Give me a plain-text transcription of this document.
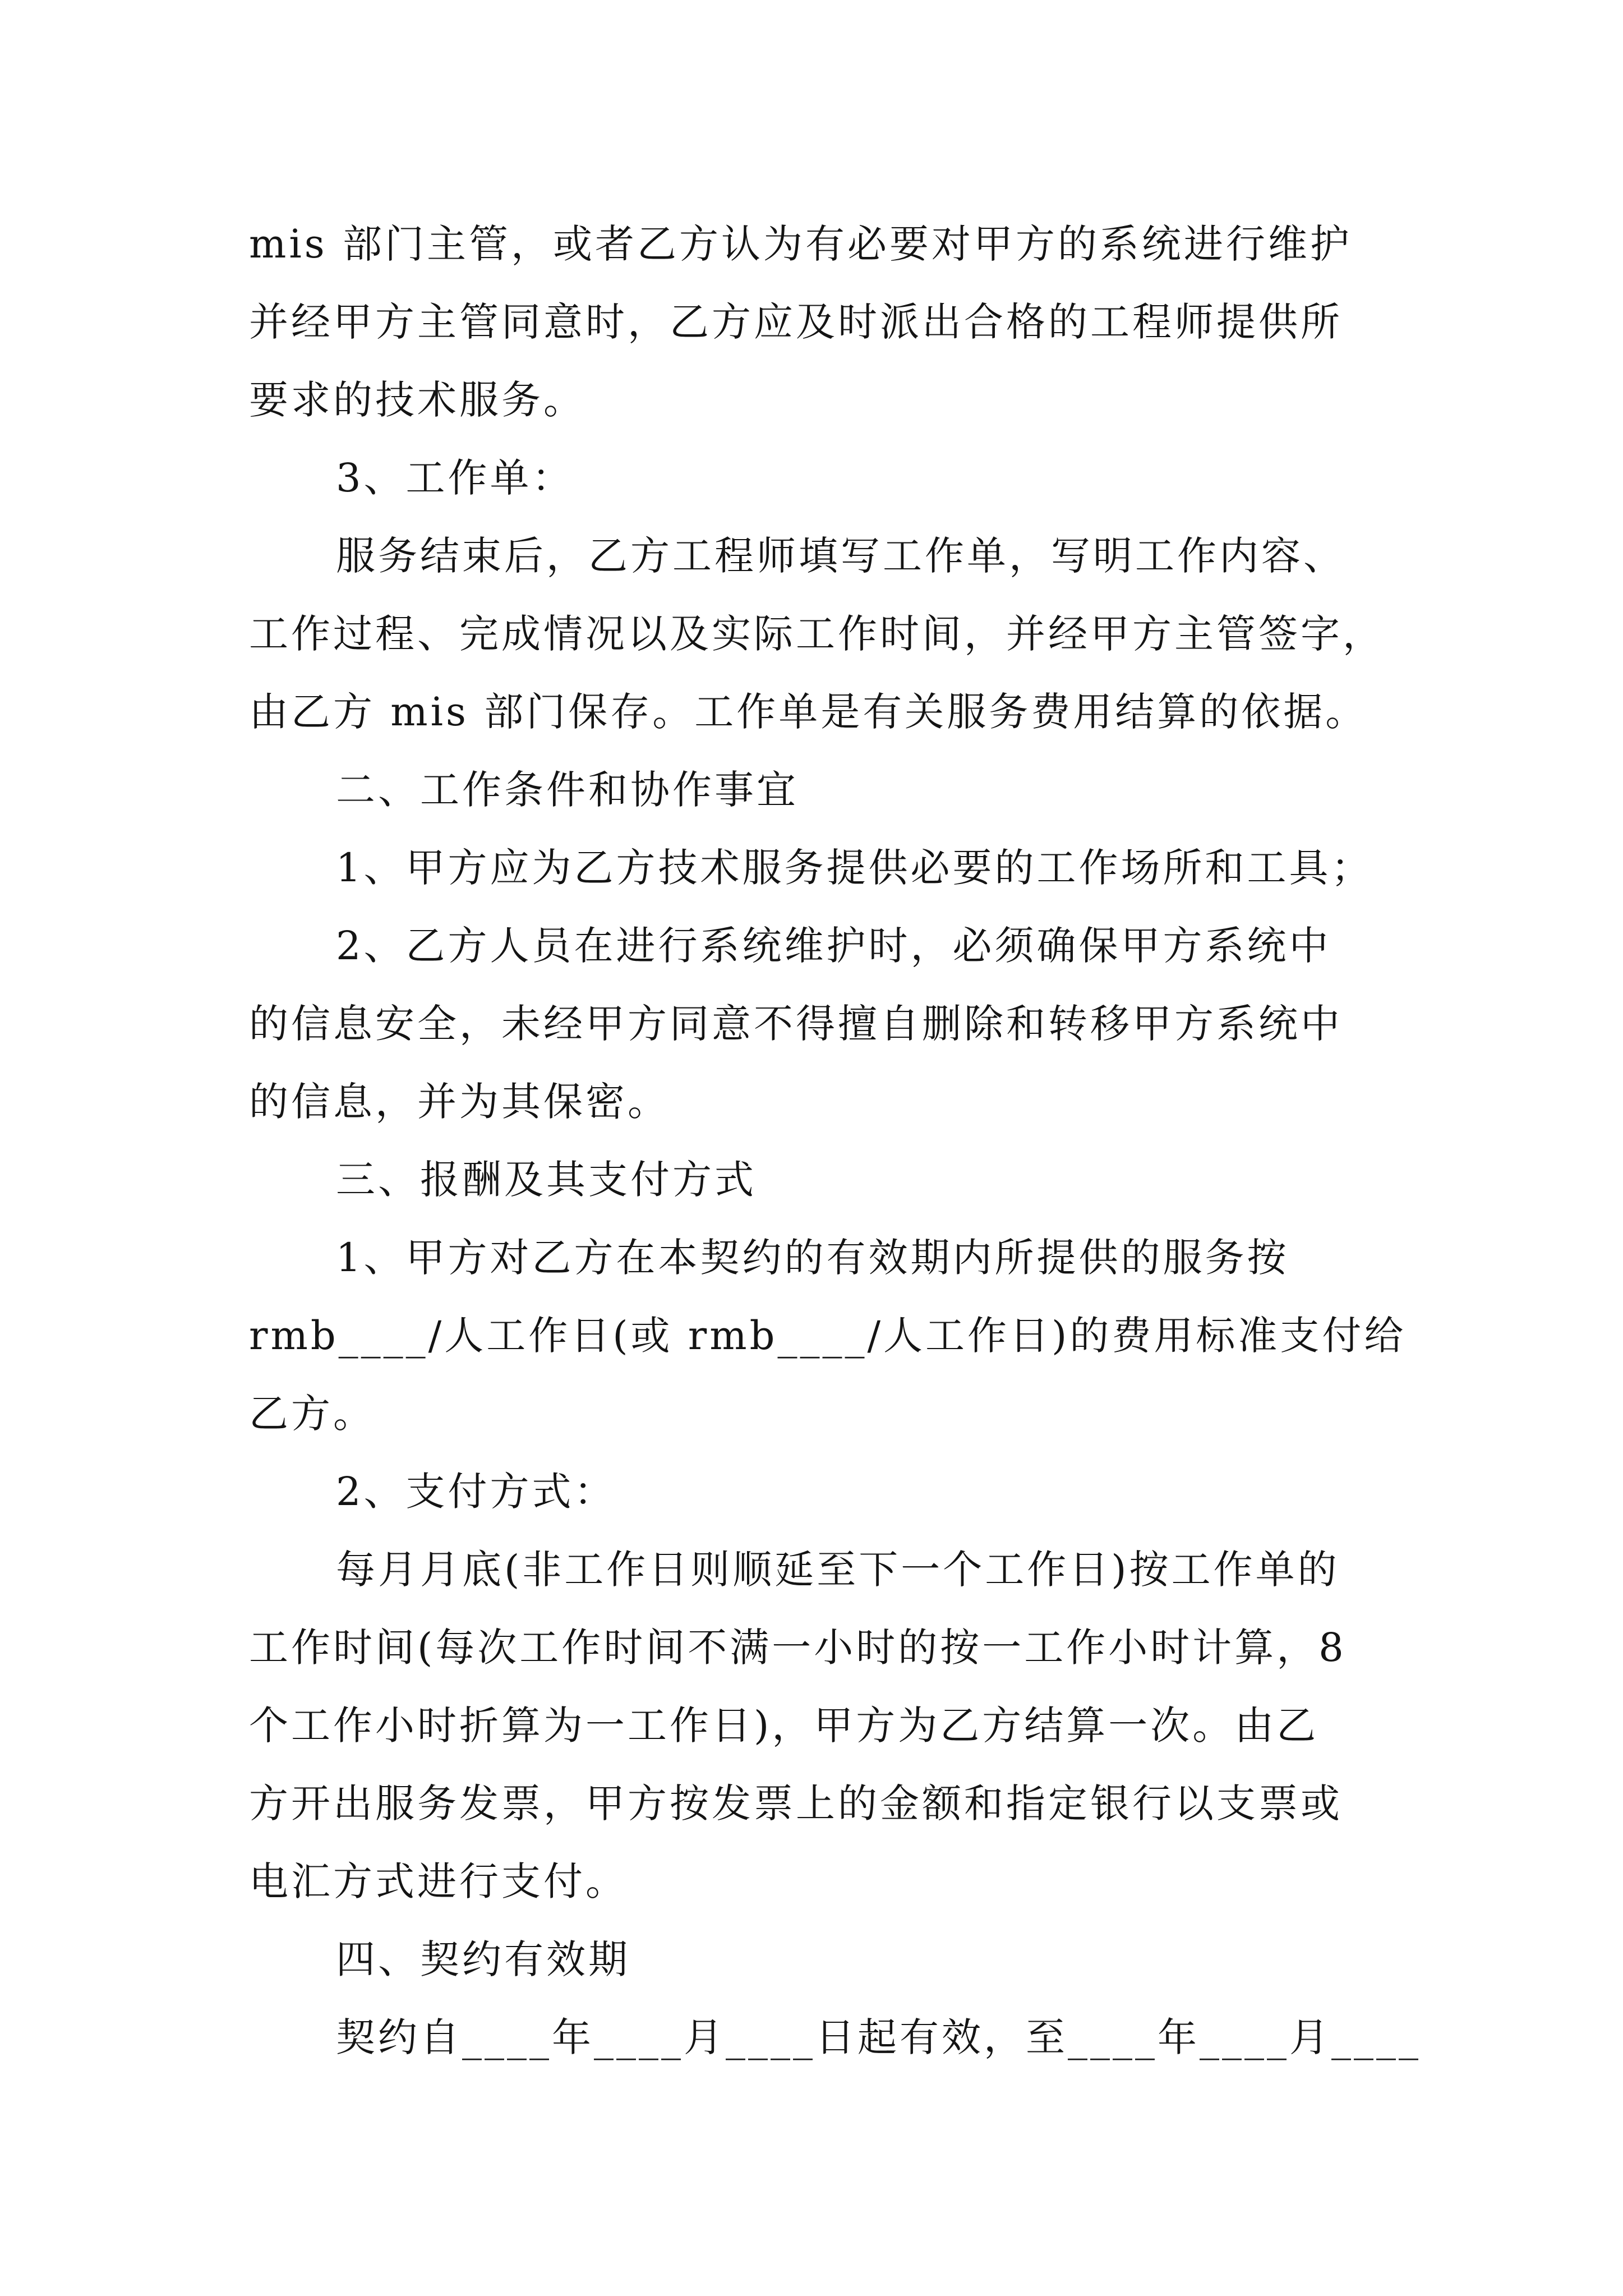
mis 部门主管，或者乙方认为有必要对甲方的系统进行维护
并经甲方主管同意时，乙方应及时派出合格的工程师提供所
要求的技术服务。
3、工作单：
服务结束后，乙方工程师填写工作单，写明工作内容、
工作过程、完成情况以及实际工作时间，并经甲方主管签字，
由乙方 mis 部门保存。工作单是有关服务费用结算的依据。
二、工作条件和协作事宜
1、甲方应为乙方技术服务提供必要的工作场所和工具；
2、乙方人员在进行系统维护时，必须确保甲方系统中
的信息安全，未经甲方同意不得擅自删除和转移甲方系统中
的信息，并为其保密。
三、报酬及其支付方式
1、甲方对乙方在本契约的有效期内所提供的服务按
rmb____/人工作日(或 rmb____/人工作日)的费用标准支付给
乙方。
2、支付方式：
每月月底(非工作日则顺延至下一个工作日)按工作单的
工作时间(每次工作时间不满一小时的按一工作小时计算，8
个工作小时折算为一工作日)，甲方为乙方结算一次。由乙
方开出服务发票，甲方按发票上的金额和指定银行以支票或
电汇方式进行支付。
四、契约有效期
契约自____年____月____日起有效，至____年____月____
